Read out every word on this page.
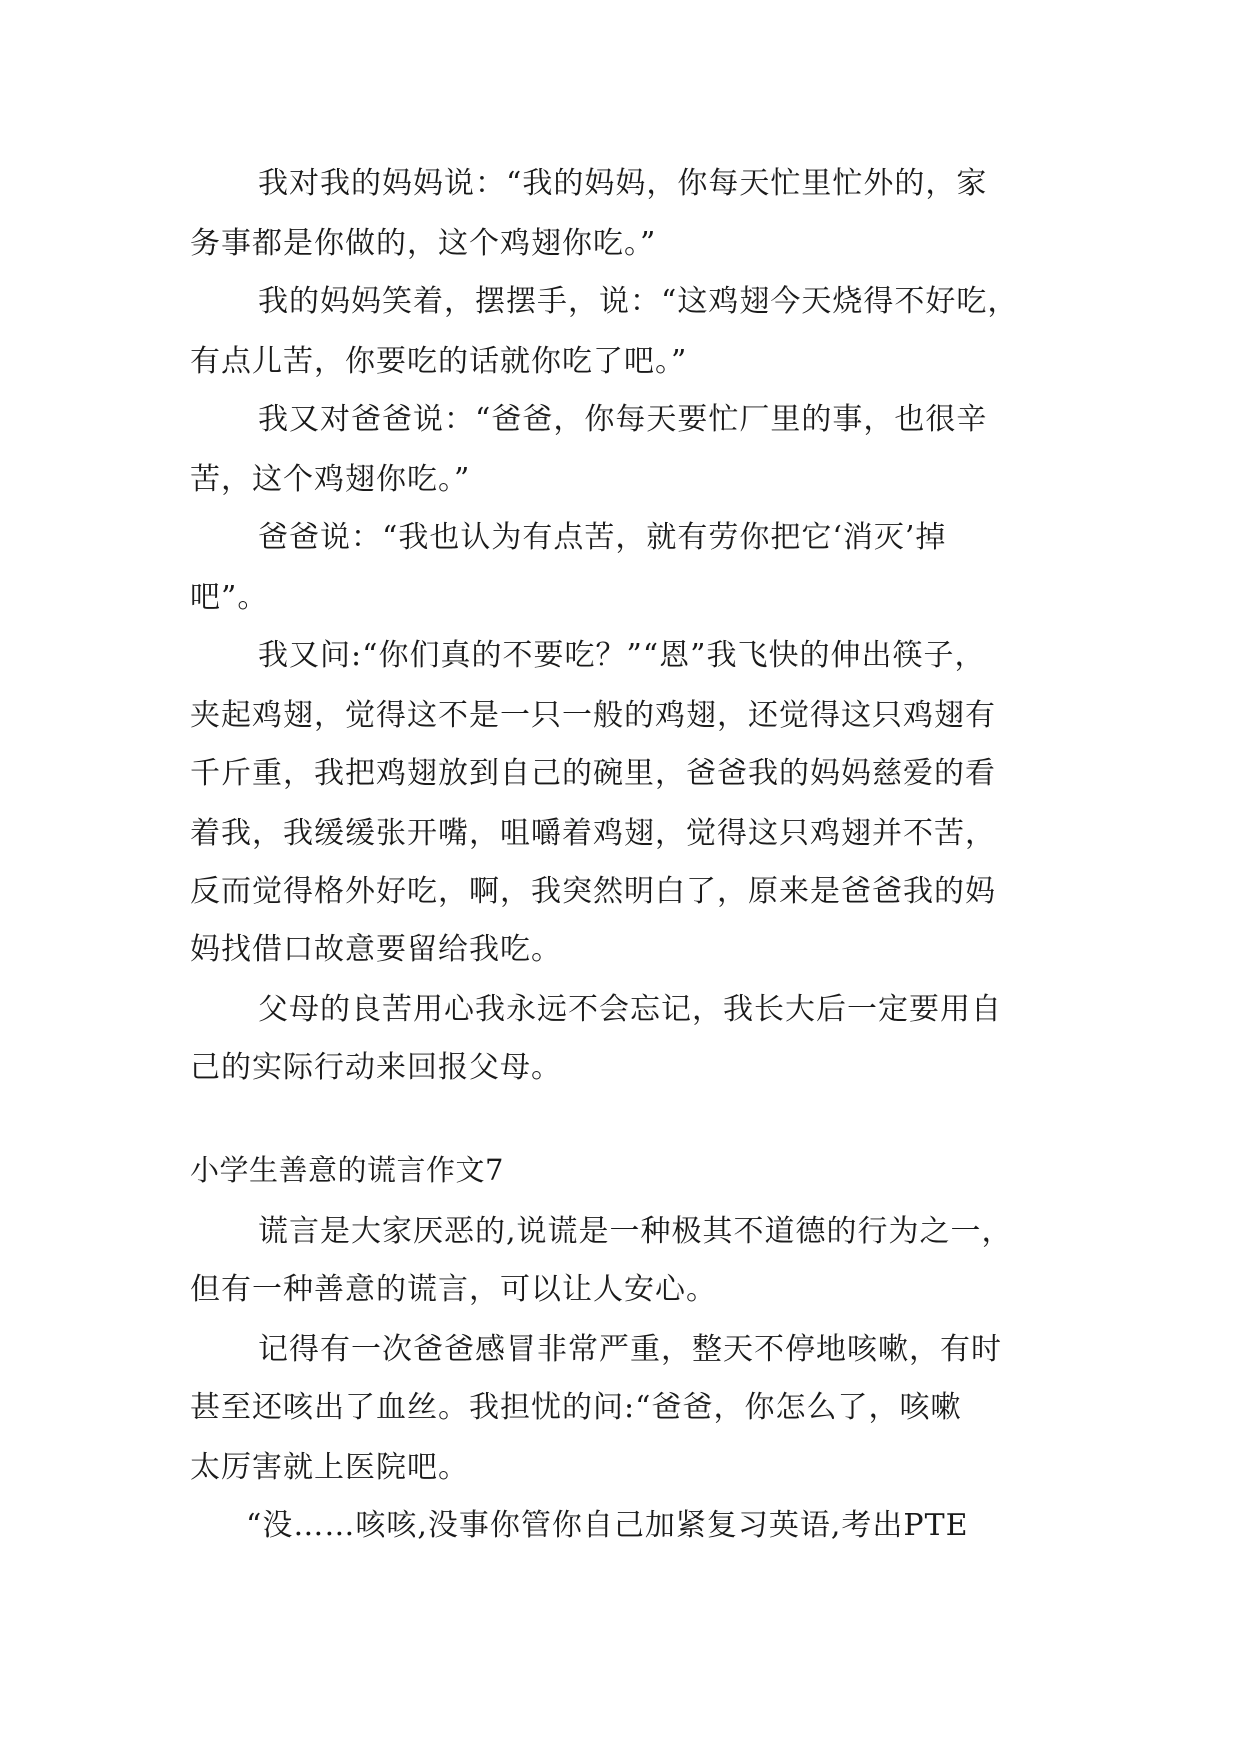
我对我的妈妈说：“我的妈妈，你每天忙里忙外的，家
务事都是你做的，这个鸡翅你吃。”
我的妈妈笑着，摆摆手，说：“这鸡翅今天烧得不好吃，
有点儿苦，你要吃的话就你吃了吧。”
我又对爸爸说：“爸爸，你每天要忙厂里的事，也很辛
苦，这个鸡翅你吃。”
爸爸说：“我也认为有点苦，就有劳你把它‘消灭’掉
吧”。
我又问:“你们真的不要吃？”“恩”我飞快的伸出筷子，
夹起鸡翅，觉得这不是一只一般的鸡翅，还觉得这只鸡翅有
千斤重，我把鸡翅放到自己的碗里，爸爸我的妈妈慈爱的看
着我，我缓缓张开嘴，咀嚼着鸡翅，觉得这只鸡翅并不苦，
反而觉得格外好吃，啊，我突然明白了，原来是爸爸我的妈
妈找借口故意要留给我吃。
父母的良苦用心我永远不会忘记，我长大后一定要用自
己的实际行动来回报父母。
小学生善意的谎言作文7
谎言是大家厌恶的,说谎是一种极其不道德的行为之一，
但有一种善意的谎言，可以让人安心。
记得有一次爸爸感冒非常严重，整天不停地咳嗽，有时
甚至还咳出了血丝。我担忧的问:“爸爸，你怎么了，咳嗽
太厉害就上医院吧。
“没……咳咳,没事你管你自己加紧复习英语,考出PTE
